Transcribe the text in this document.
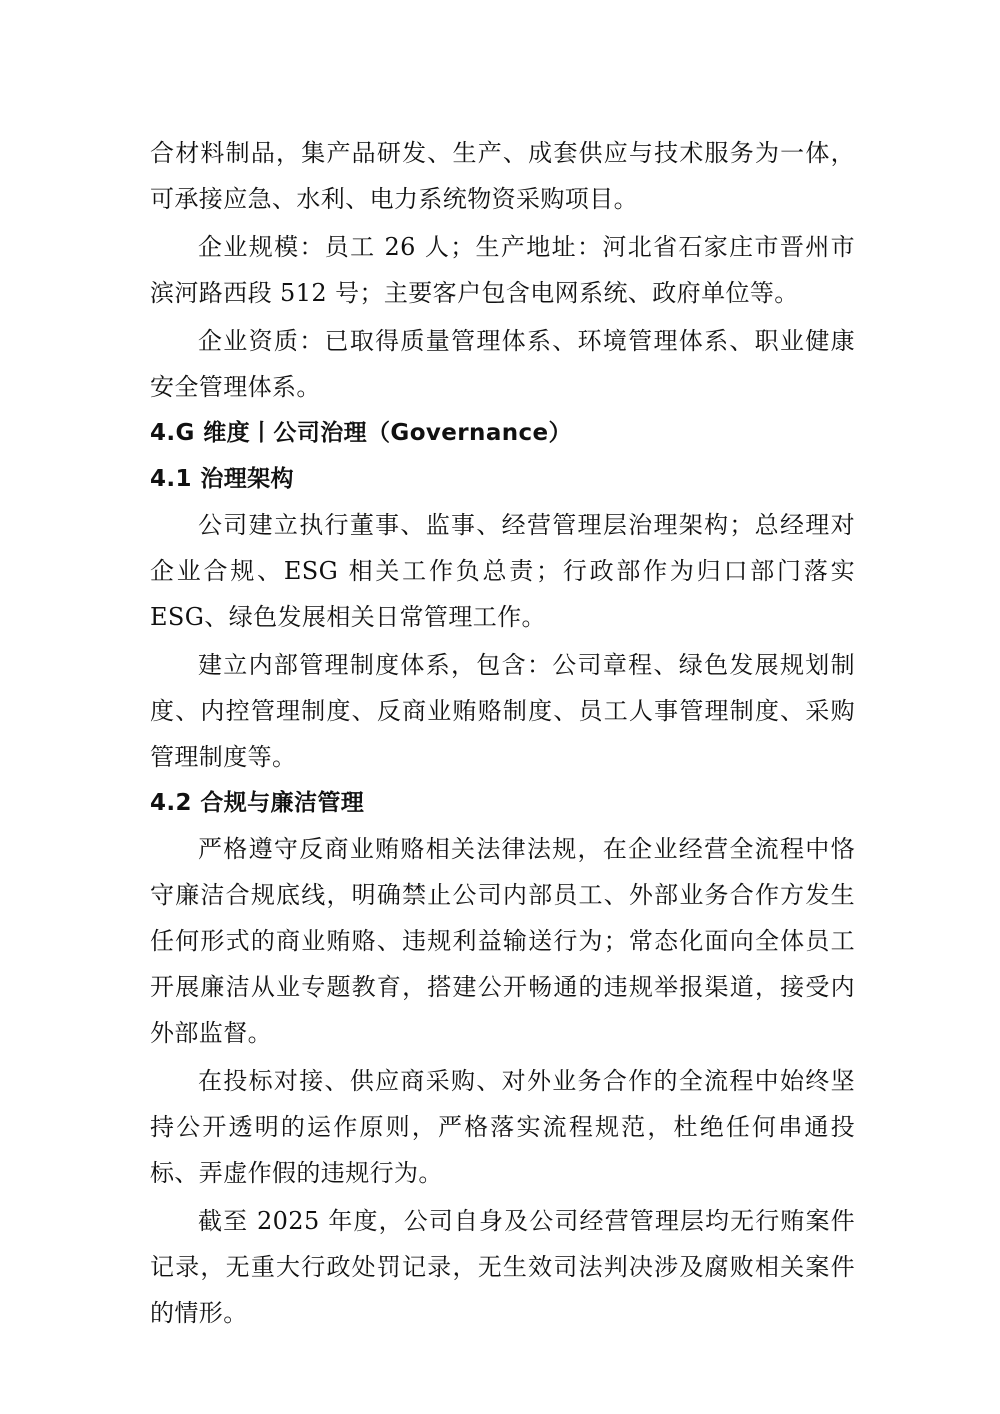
合材料制品，集产品研发、生产、成套供应与技术服务为一体，可承接应急、水利、电力系统物资采购项目。

企业规模：员工 26 人；生产地址：河北省石家庄市晋州市滨河路西段 512 号；主要客户包含电网系统、政府单位等。

企业资质：已取得质量管理体系、环境管理体系、职业健康安全管理体系。

4.G 维度丨公司治理（Governance）

4.1 治理架构

公司建立执行董事、监事、经营管理层治理架构；总经理对企业合规、ESG 相关工作负总责；行政部作为归口部门落实 ESG、绿色发展相关日常管理工作。

建立内部管理制度体系，包含：公司章程、绿色发展规划制度、内控管理制度、反商业贿赂制度、员工人事管理制度、采购管理制度等。

4.2 合规与廉洁管理

严格遵守反商业贿赂相关法律法规，在企业经营全流程中恪守廉洁合规底线，明确禁止公司内部员工、外部业务合作方发生任何形式的商业贿赂、违规利益输送行为；常态化面向全体员工开展廉洁从业专题教育，搭建公开畅通的违规举报渠道，接受内外部监督。

在投标对接、供应商采购、对外业务合作的全流程中始终坚持公开透明的运作原则，严格落实流程规范，杜绝任何串通投标、弄虚作假的违规行为。

截至 2025 年度，公司自身及公司经营管理层均无行贿案件记录，无重大行政处罚记录，无生效司法判决涉及腐败相关案件的情形。
